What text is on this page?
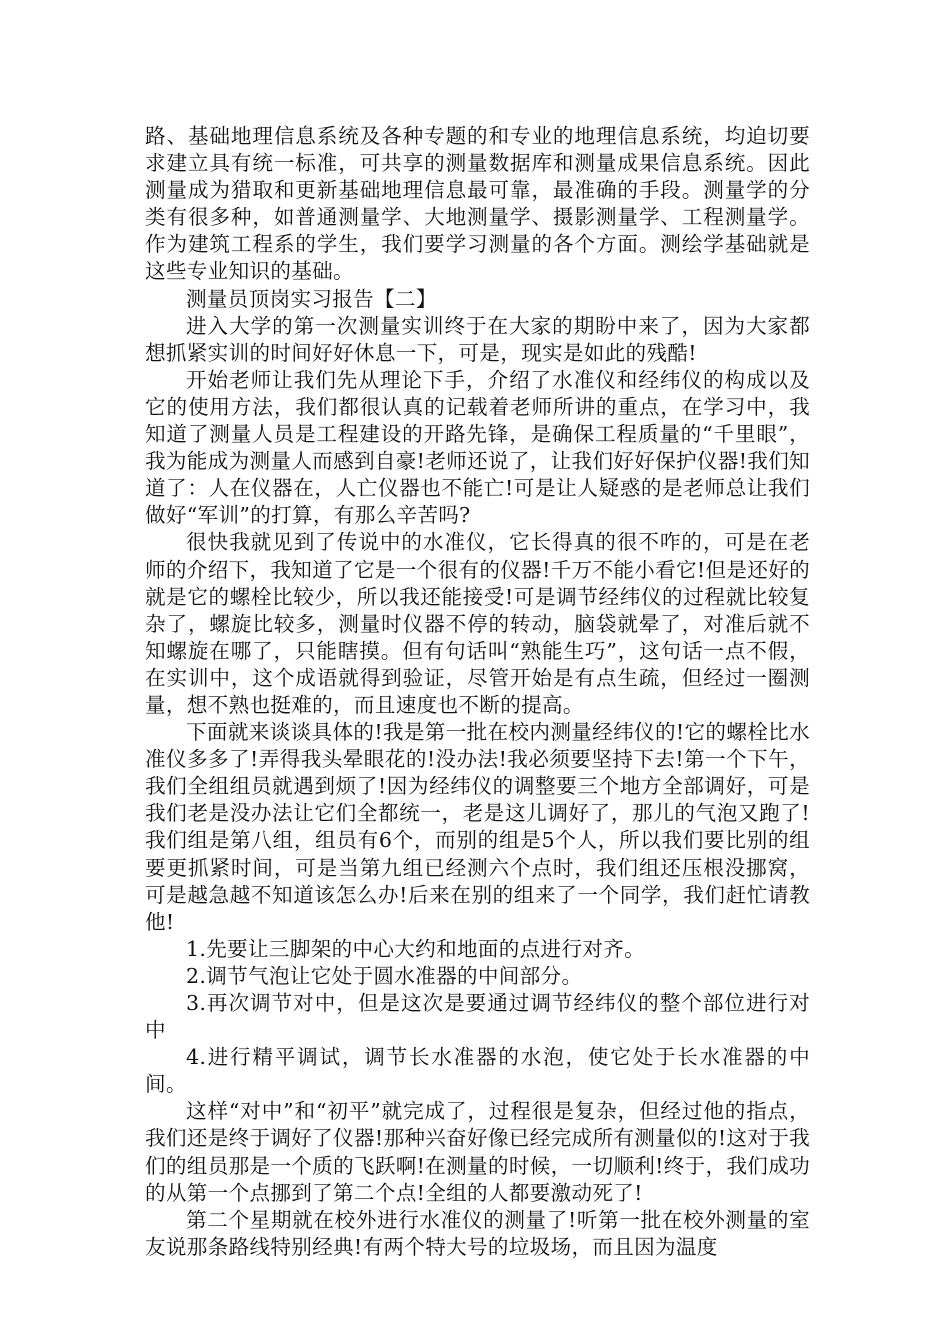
路、基础地理信息系统及各种专题的和专业的地理信息系统，均迫切要求建立具有统一标准，可共享的测量数据库和测量成果信息系统。因此测量成为猎取和更新基础地理信息最可靠，最准确的手段。测量学的分类有很多种，如普通测量学、大地测量学、摄影测量学、工程测量学。作为建筑工程系的学生，我们要学习测量的各个方面。测绘学基础就是这些专业知识的基础。

测量员顶岗实习报告【二】

进入大学的第一次测量实训终于在大家的期盼中来了，因为大家都想抓紧实训的时间好好休息一下，可是，现实是如此的残酷!

开始老师让我们先从理论下手，介绍了水准仪和经纬仪的构成以及它的使用方法，我们都很认真的记载着老师所讲的重点，在学习中，我知道了测量人员是工程建设的开路先锋，是确保工程质量的“千里眼”，我为能成为测量人而感到自豪!老师还说了，让我们好好保护仪器!我们知道了：人在仪器在，人亡仪器也不能亡!可是让人疑惑的是老师总让我们做好“军训”的打算，有那么辛苦吗?

很快我就见到了传说中的水准仪，它长得真的很不咋的，可是在老师的介绍下，我知道了它是一个很有的仪器!千万不能小看它!但是还好的就是它的螺栓比较少，所以我还能接受!可是调节经纬仪的过程就比较复杂了，螺旋比较多，测量时仪器不停的转动，脑袋就晕了，对准后就不知螺旋在哪了，只能瞎摸。但有句话叫“熟能生巧”，这句话一点不假，在实训中，这个成语就得到验证，尽管开始是有点生疏，但经过一圈测量，想不熟也挺难的，而且速度也不断的提高。

下面就来谈谈具体的!我是第一批在校内测量经纬仪的!它的螺栓比水准仪多多了!弄得我头晕眼花的!没办法!我必须要坚持下去!第一个下午，我们全组组员就遇到烦了!因为经纬仪的调整要三个地方全部调好，可是我们老是没办法让它们全都统一，老是这儿调好了，那儿的气泡又跑了!我们组是第八组，组员有6个，而别的组是5个人，所以我们要比别的组要更抓紧时间，可是当第九组已经测六个点时，我们组还压根没挪窝，可是越急越不知道该怎么办!后来在别的组来了一个同学，我们赶忙请教他!

1.先要让三脚架的中心大约和地面的点进行对齐。

2.调节气泡让它处于圆水准器的中间部分。

3.再次调节对中，但是这次是要通过调节经纬仪的整个部位进行对中

4.进行精平调试，调节长水准器的水泡，使它处于长水准器的中间。

这样“对中”和“初平”就完成了，过程很是复杂，但经过他的指点，我们还是终于调好了仪器!那种兴奋好像已经完成所有测量似的!这对于我们的组员那是一个质的飞跃啊!在测量的时候，一切顺利!终于，我们成功的从第一个点挪到了第二个点!全组的人都要激动死了!

第二个星期就在校外进行水准仪的测量了!听第一批在校外测量的室友说那条路线特别经典!有两个特大号的垃圾场，而且因为温度
